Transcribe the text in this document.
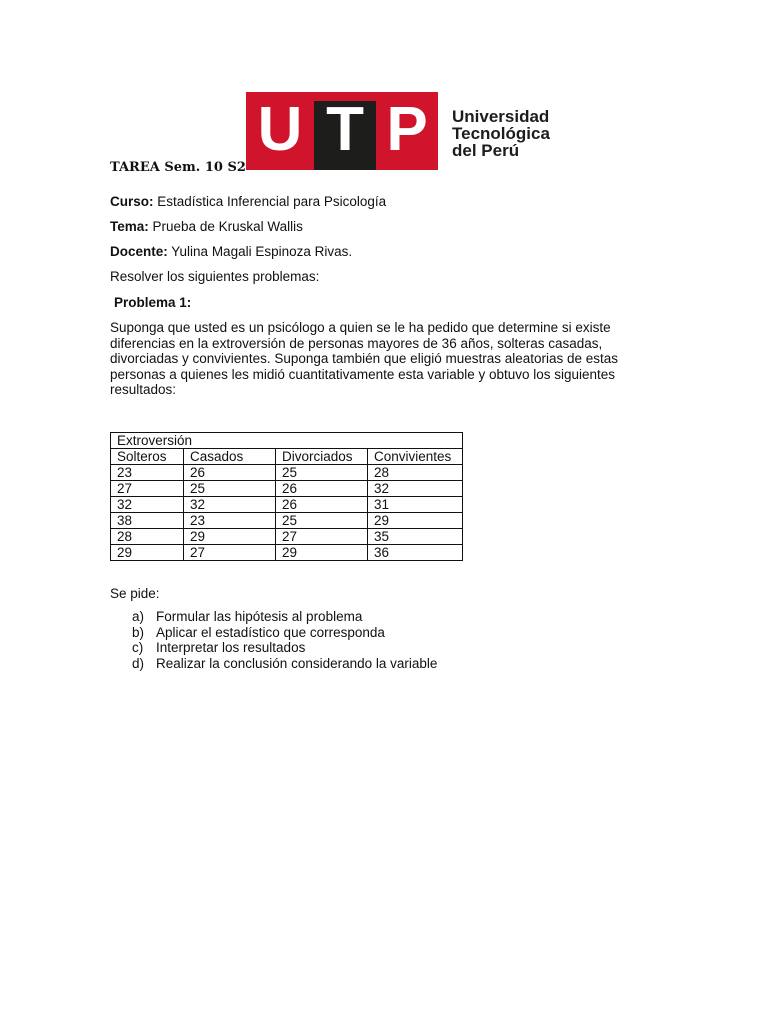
U T P	Universidad
Tecnológica
del Perú
TAREA Sem. 10 S2
Curso: Estadística Inferencial para Psicología
Tema: Prueba de Kruskal Wallis
Docente: Yulina Magali Espinoza Rivas.
Resolver los siguientes problemas:
Problema 1:
Suponga que usted es un psicólogo a quien se le ha pedido que determine si existe diferencias en la extroversión de personas mayores de 36 años, solteras casadas, divorciadas y convivientes. Suponga también que eligió muestras aleatorias de estas personas a quienes les midió cuantitativamente esta variable y obtuvo los siguientes resultados:
Extroversión			
Solteros	Casados	Divorciados	Convivientes
23	26	25	28
27	25	26	32
32	32	26	31
38	23	25	29
28	29	27	35
29	27	29	36
Se pide:
a) Formular las hipótesis al problema
b) Aplicar el estadístico que corresponda
c) Interpretar los resultados
d) Realizar la conclusión considerando la variable
